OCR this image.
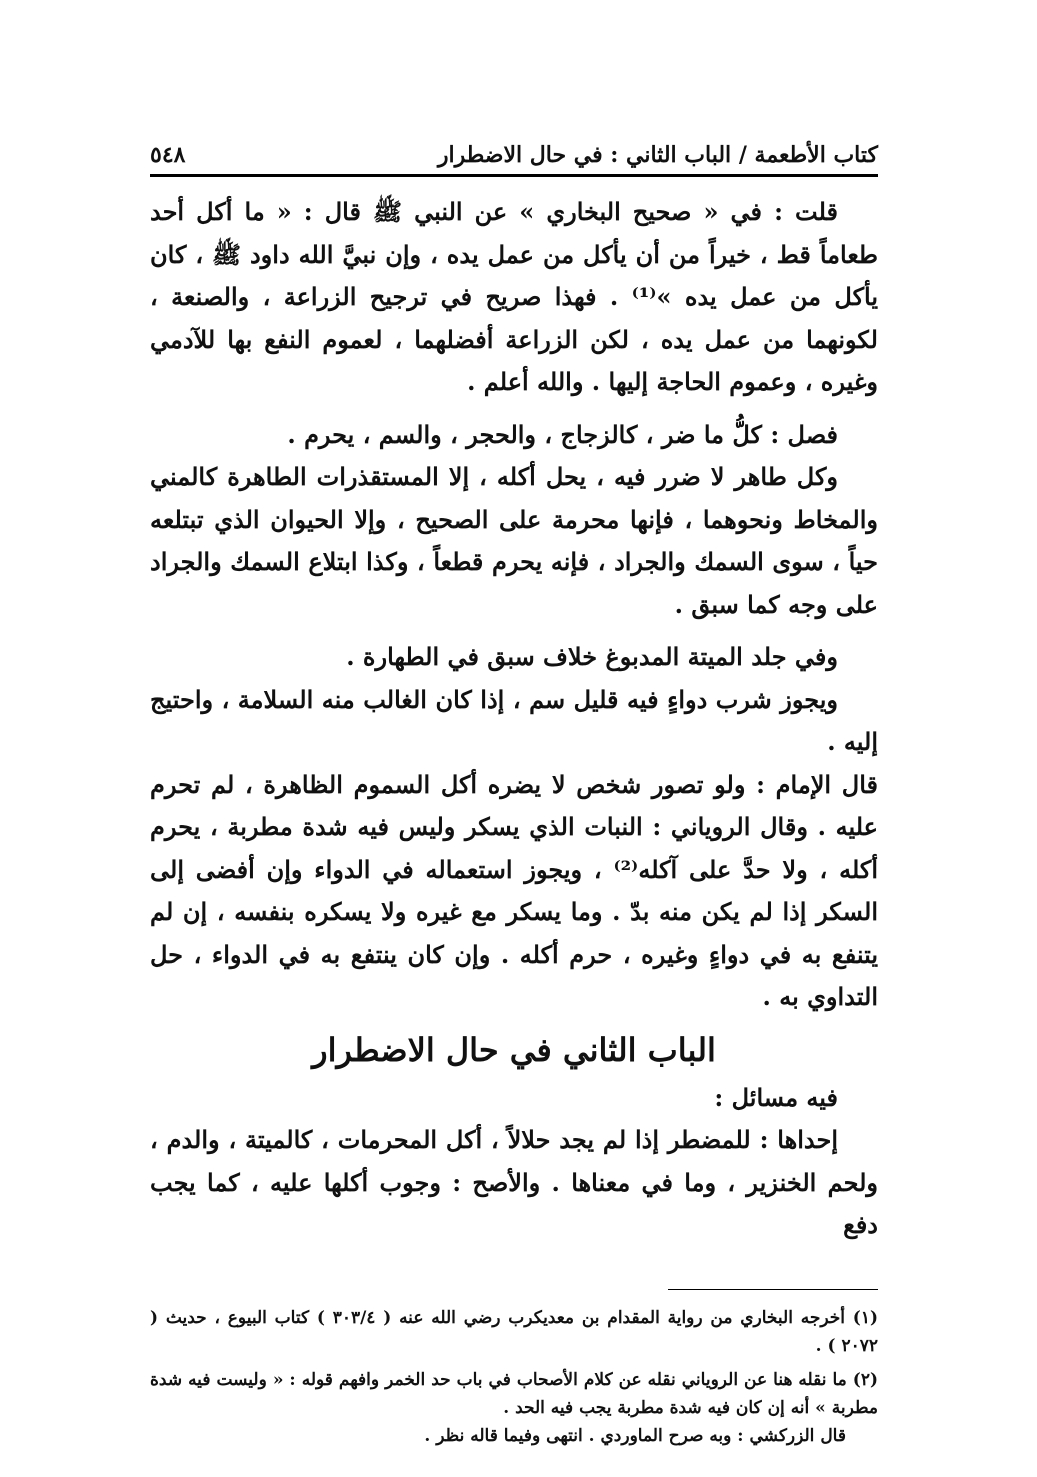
كتاب الأطعمة / الباب الثاني : في حال الاضطرار
٥٤٨

قلت : في « صحيح البخاري » عن النبي ﷺ قال : « ما أكل أحد طعاماً قط ، خيراً من أن يأكل من عمل يده ، وإن نبيَّ الله داود ﷺ ، كان يأكل من عمل يده »⁽¹⁾ . فهذا صريح في ترجيح الزراعة ، والصنعة ، لكونهما من عمل يده ، لكن الزراعة أفضلهما ، لعموم النفع بها للآدمي وغيره ، وعموم الحاجة إليها . والله أعلم .

فصل : كلُّ ما ضر ، كالزجاج ، والحجر ، والسم ، يحرم .

وكل طاهر لا ضرر فيه ، يحل أكله ، إلا المستقذرات الطاهرة كالمني والمخاط ونحوهما ، فإنها محرمة على الصحيح ، وإلا الحيوان الذي تبتلعه حياً ، سوى السمك والجراد ، فإنه يحرم قطعاً ، وكذا ابتلاع السمك والجراد على وجه كما سبق .

وفي جلد الميتة المدبوغ خلاف سبق في الطهارة .

ويجوز شرب دواءٍ فيه قليل سم ، إذا كان الغالب منه السلامة ، واحتيج إليه .

قال الإمام : ولو تصور شخص لا يضره أكل السموم الظاهرة ، لم تحرم عليه . وقال الروياني : النبات الذي يسكر وليس فيه شدة مطربة ، يحرم أكله ، ولا حدَّ على آكله⁽²⁾ ، ويجوز استعماله في الدواء وإن أفضى إلى السكر إذا لم يكن منه بدّ . وما يسكر مع غيره ولا يسكره بنفسه ، إن لم يتنفع به في دواءٍ وغيره ، حرم أكله . وإن كان ينتفع به في الدواء ، حل التداوي به .

الباب الثاني في حال الاضطرار

فيه مسائل :

إحداها : للمضطر إذا لم يجد حلالاً ، أكل المحرمات ، كالميتة ، والدم ، ولحم الخنزير ، وما في معناها . والأصح : وجوب أكلها عليه ، كما يجب دفع

(١) أخرجه البخاري من رواية المقدام بن معديكرب رضي الله عنه ( ٣٠٣/٤ ) كتاب البيوع ، حديث ( ٢٠٧٢ ) .

(٢) ما نقله هنا عن الروياني نقله عن كلام الأصحاب في باب حد الخمر وافهم قوله : « وليست فيه شدة مطربة » أنه إن كان فيه شدة مطربة يجب فيه الحد .
قال الزركشي : وبه صرح الماوردي . انتهى وفيما قاله نظر .
